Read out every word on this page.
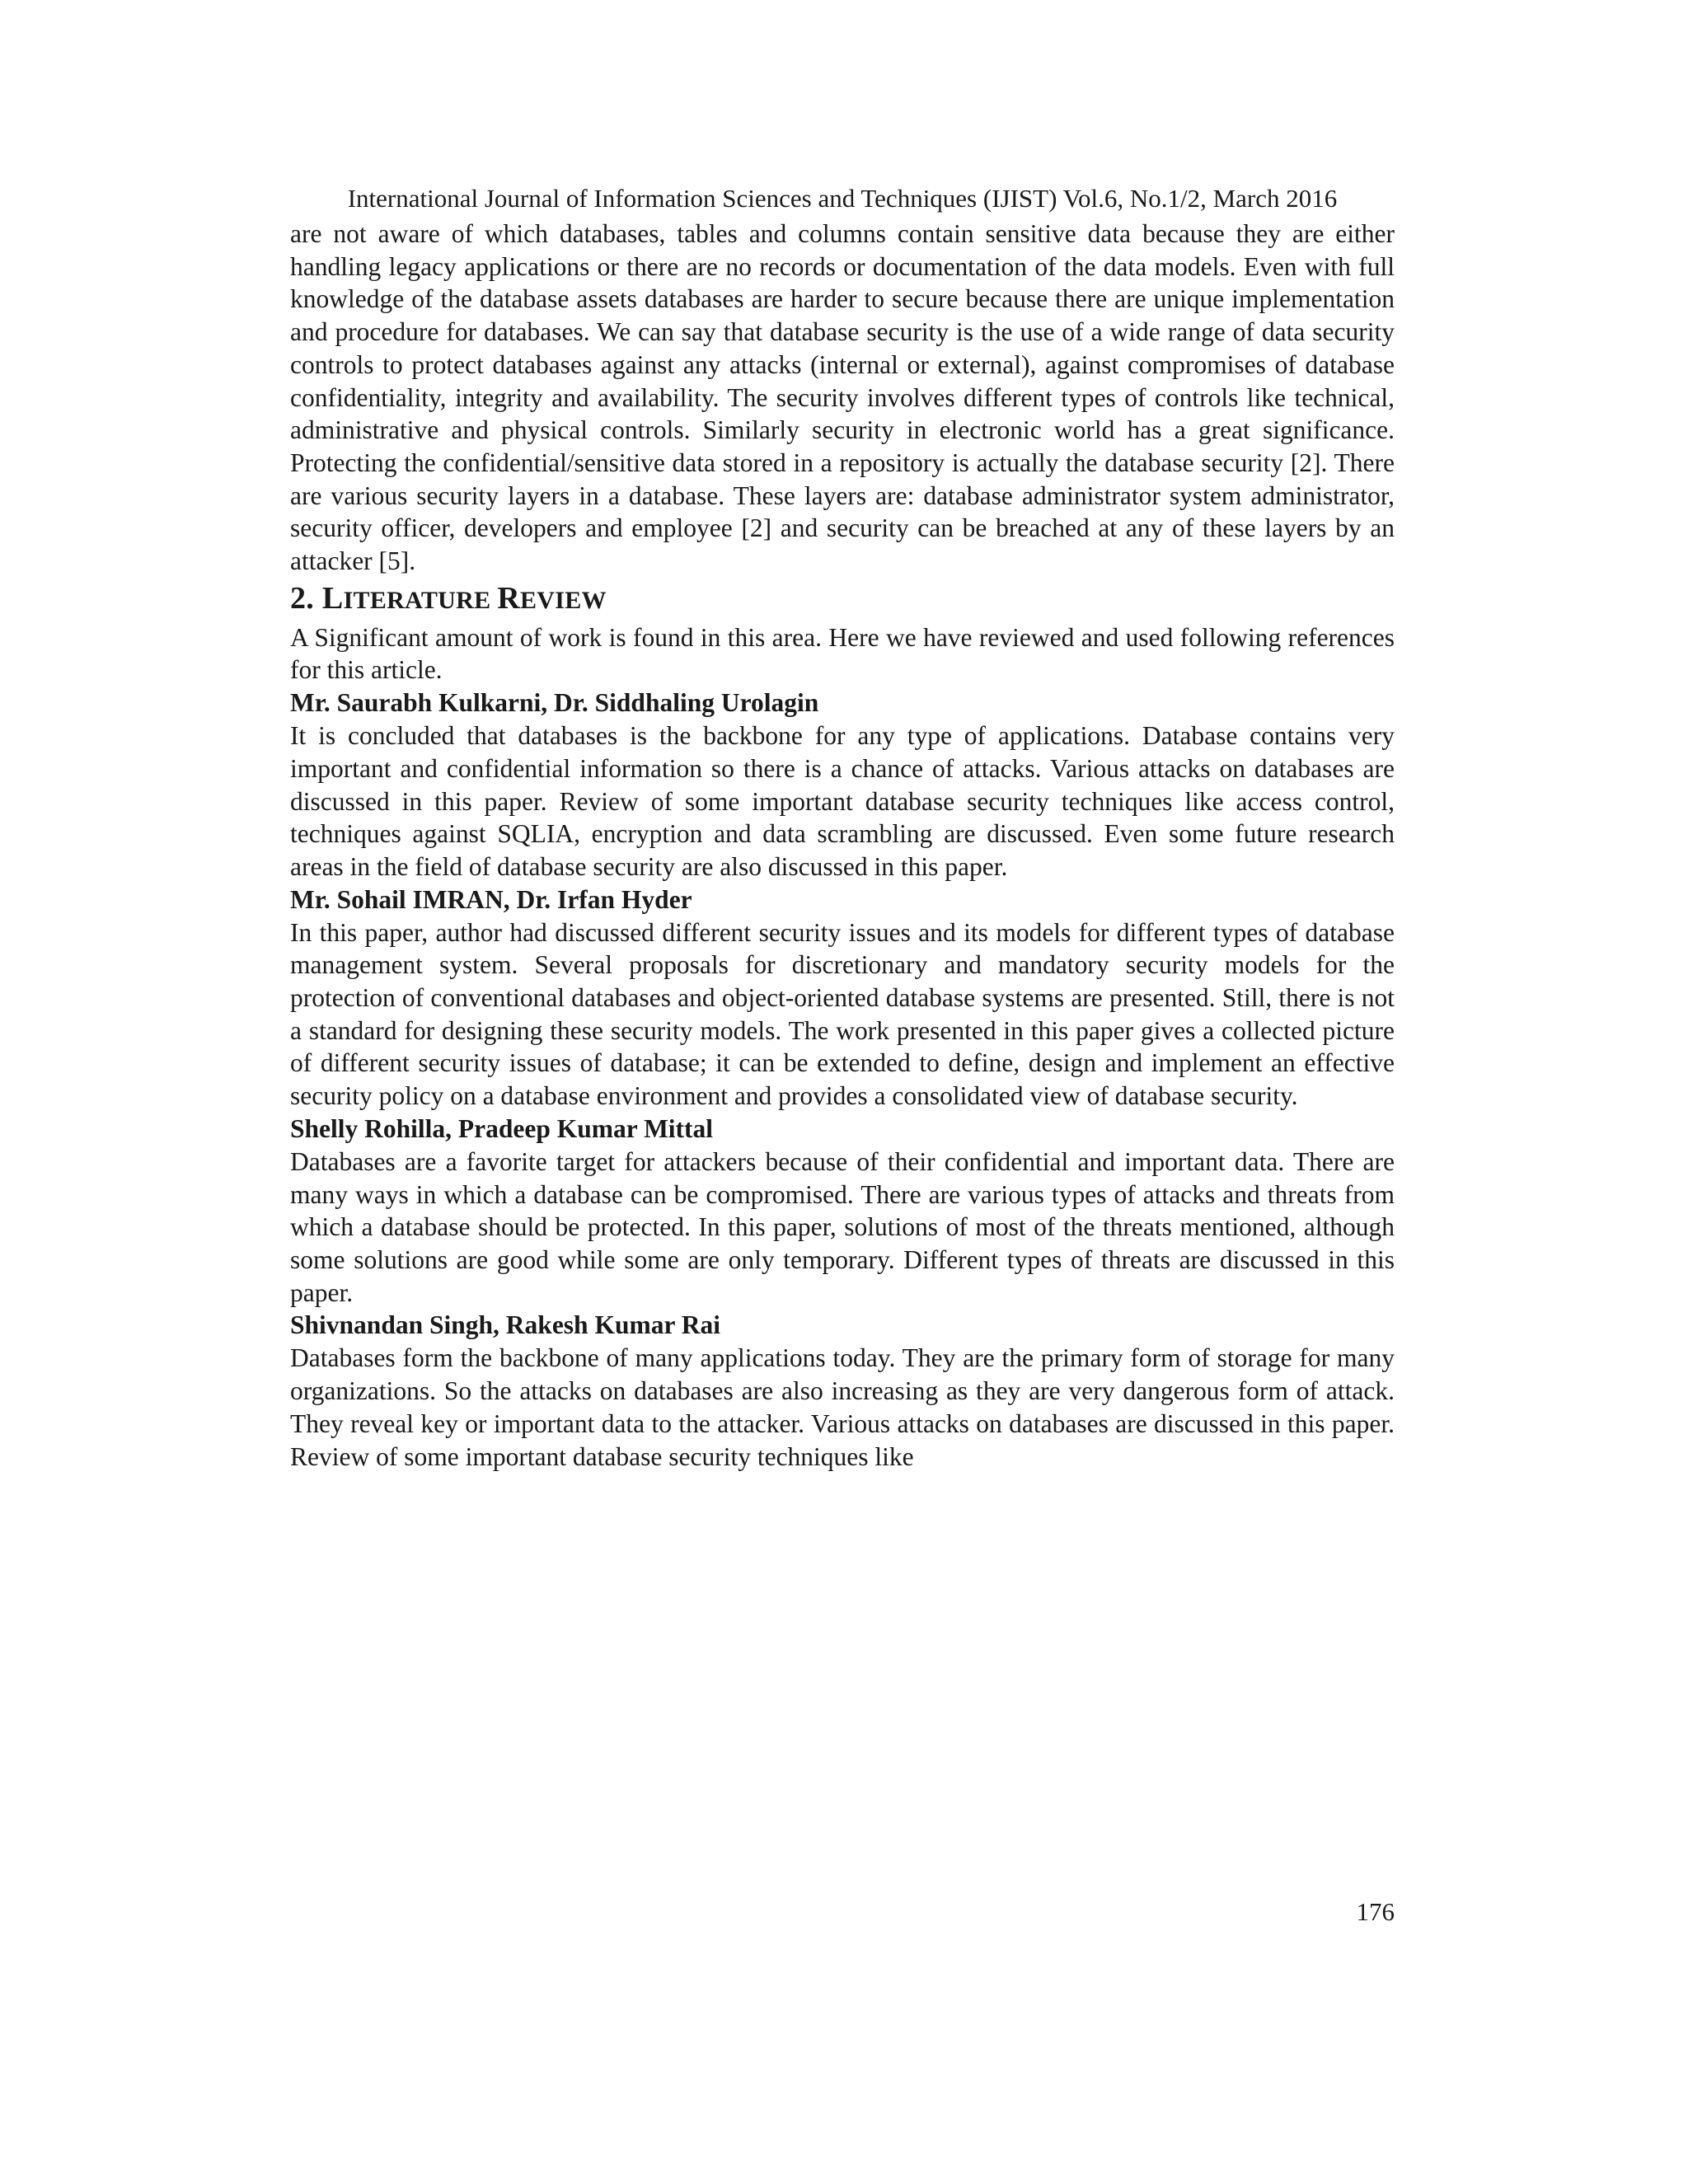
International Journal of Information Sciences and Techniques (IJIST) Vol.6, No.1/2, March 2016

are not aware of which databases, tables and columns contain sensitive data because they are either handling legacy applications or there are no records or documentation of the data models. Even with full knowledge of the database assets databases are harder to secure because there are unique implementation and procedure for databases. We can say that database security is the use of a wide range of data security controls to protect databases against any attacks (internal or external), against compromises of database confidentiality, integrity and availability. The security involves different types of controls like technical, administrative and physical controls. Similarly security in electronic world has a great significance. Protecting the confidential/sensitive data stored in a repository is actually the database security [2]. There are various security layers in a database. These layers are: database administrator system administrator, security officer, developers and employee [2] and security can be breached at any of these layers by an attacker [5].

2. LITERATURE REVIEW

A Significant amount of work is found in this area. Here we have reviewed and used following references for this article.

Mr. Saurabh Kulkarni, Dr. Siddhaling Urolagin

It is concluded that databases is the backbone for any type of applications. Database contains very important and confidential information so there is a chance of attacks. Various attacks on databases are discussed in this paper. Review of some important database security techniques like access control, techniques against SQLIA, encryption and data scrambling are discussed. Even some future research areas in the field of database security are also discussed in this paper.

Mr. Sohail IMRAN, Dr. Irfan Hyder

In this paper, author had discussed different security issues and its models for different types of database management system. Several proposals for discretionary and mandatory security models for the protection of conventional databases and object-oriented database systems are presented. Still, there is not a standard for designing these security models. The work presented in this paper gives a collected picture of different security issues of database; it can be extended to define, design and implement an effective security policy on a database environment and provides a consolidated view of database security.

Shelly Rohilla, Pradeep Kumar Mittal

Databases are a favorite target for attackers because of their confidential and important data. There are many ways in which a database can be compromised. There are various types of attacks and threats from which a database should be protected. In this paper, solutions of most of the threats mentioned, although some solutions are good while some are only temporary. Different types of threats are discussed in this paper.

Shivnandan Singh, Rakesh Kumar Rai

Databases form the backbone of many applications today. They are the primary form of storage for many organizations. So the attacks on databases are also increasing as they are very dangerous form of attack. They reveal key or important data to the attacker. Various attacks on databases are discussed in this paper. Review of some important database security techniques like

176
